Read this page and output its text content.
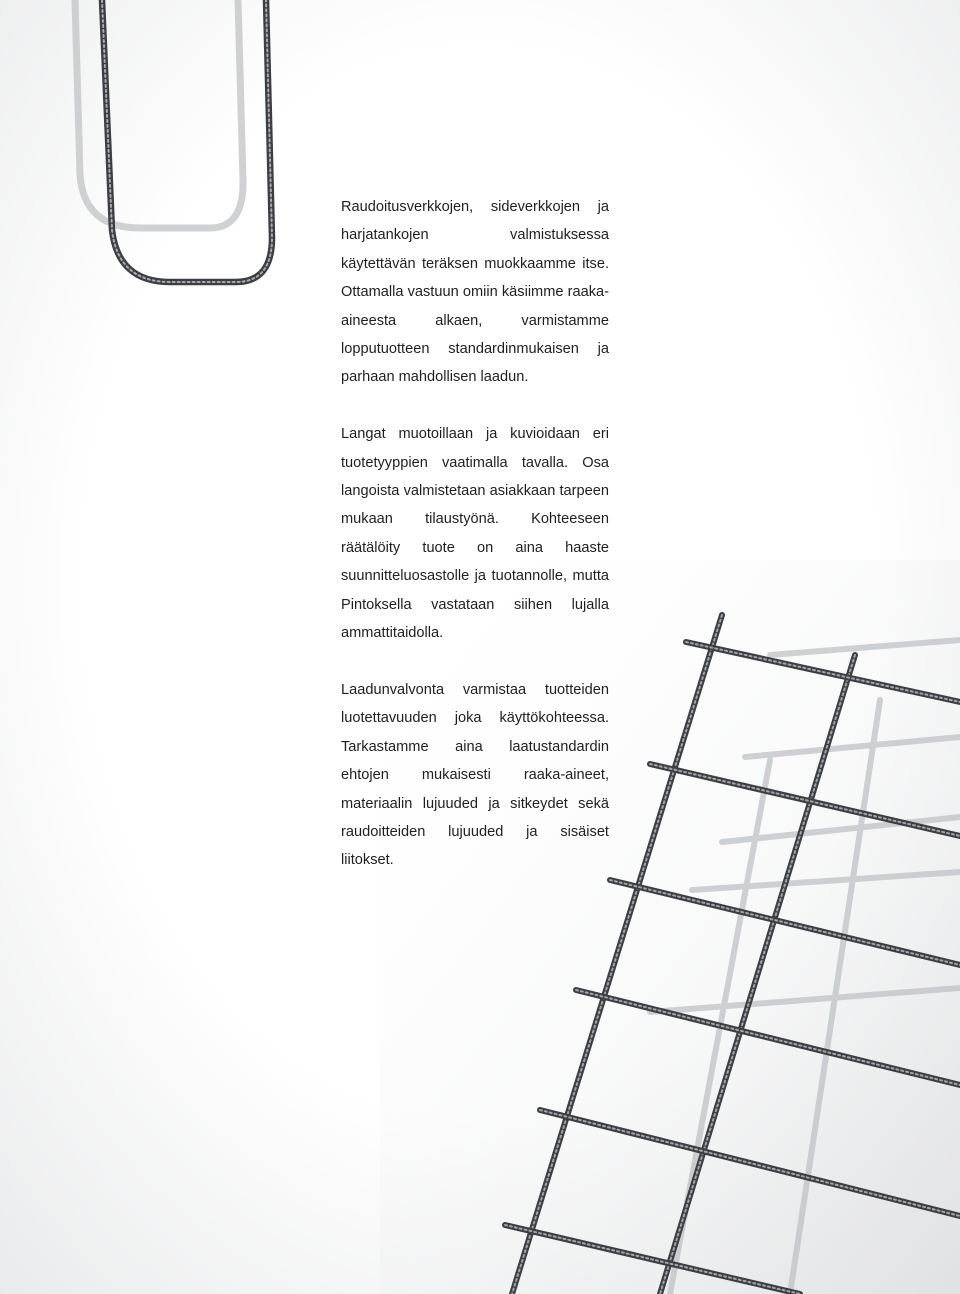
Raudoitusverkkojen, sideverkkojen ja harjatankojen valmistuksessa käytettävän teräksen muokkaamme itse. Ottamalla vastuun omiin käsiimme raaka-aineesta alkaen, varmistamme lopputuotteen standardinmukaisen ja parhaan mahdollisen laadun.

Langat muotoillaan ja kuvioidaan eri tuotetyyppien vaatimalla tavalla. Osa langoista valmistetaan asiakkaan tarpeen mukaan tilaustyönä. Kohteeseen räätälöity tuote on aina haaste suunnitteluosastolle ja tuotannolle, mutta Pintoksella vastataan siihen lujalla ammattitaidolla.

Laadunvalvonta varmistaa tuotteiden luotettavuuden joka käyttökohteessa. Tarkastamme aina laatustandardin ehtojen mukaisesti raaka-aineet, materiaalin lujuuded ja sitkeydet sekä raudoitteiden lujuuded ja sisäiset liitokset.
